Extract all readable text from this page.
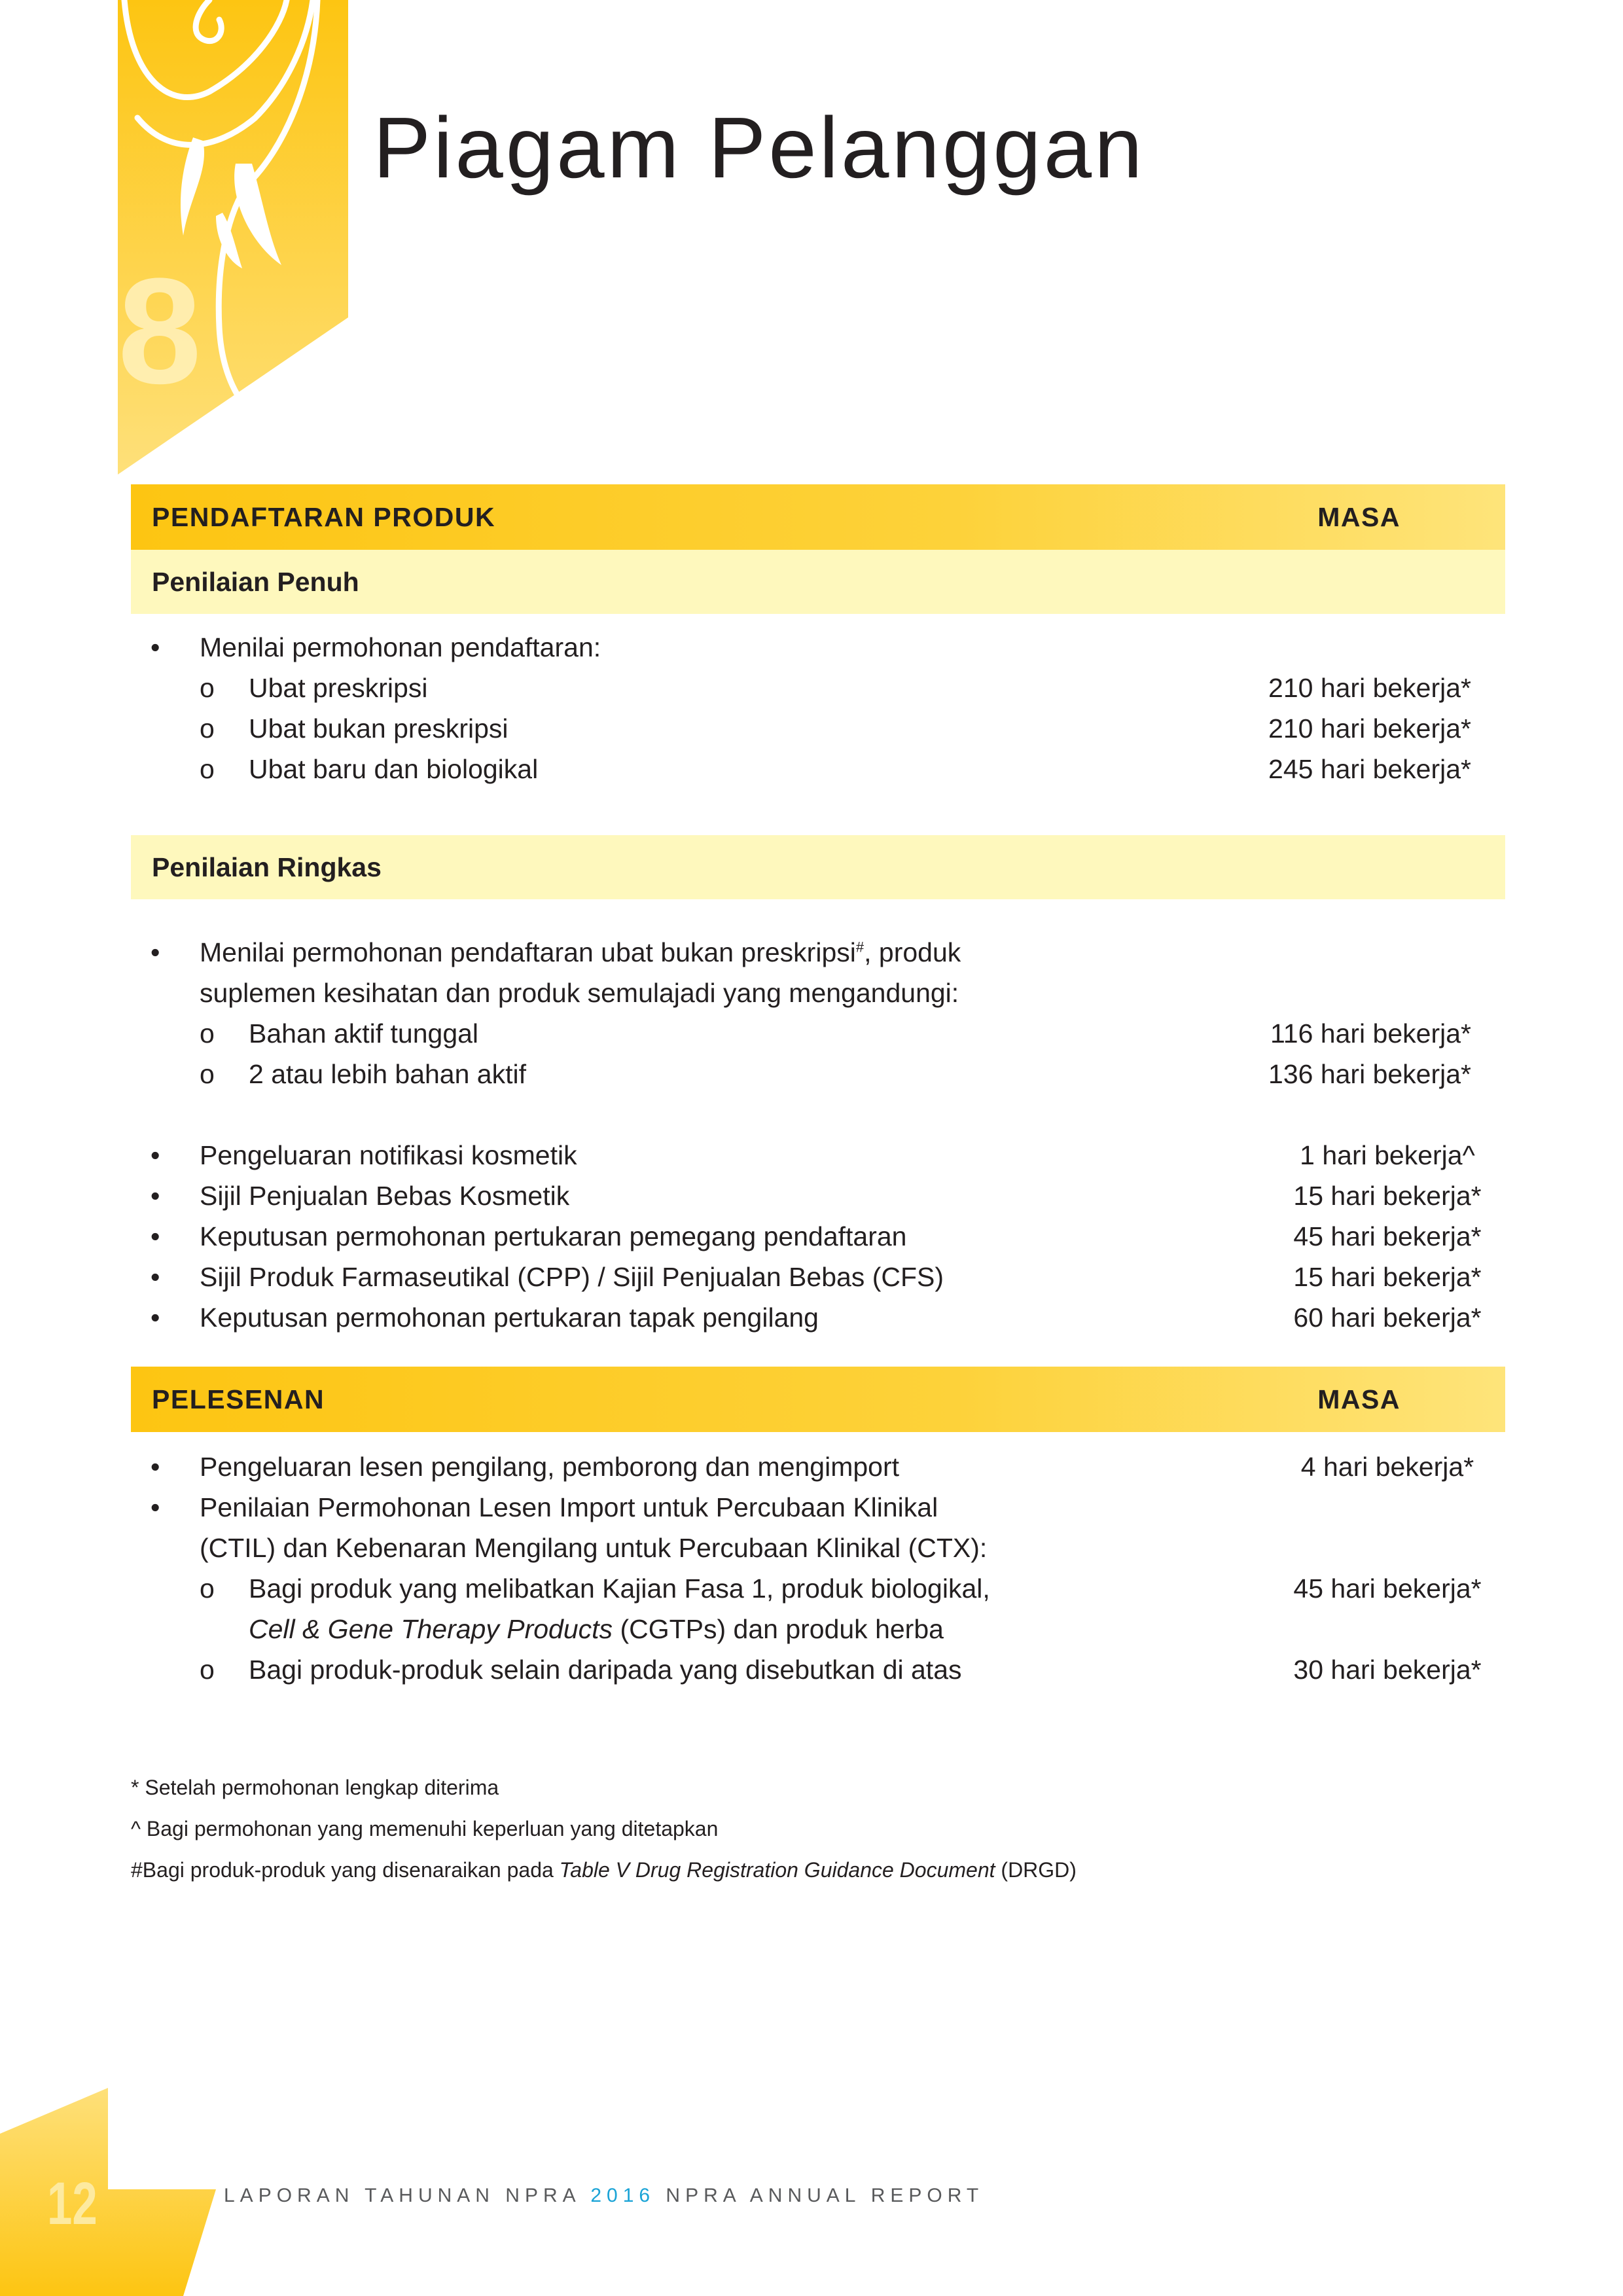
8
Piagam Pelanggan
PENDAFTARAN PRODUK	MASA
Penilaian Penuh
•	Menilai permohonan pendaftaran:
o	Ubat preskripsi	210 hari bekerja*
o	Ubat bukan preskripsi	210 hari bekerja*
o	Ubat baru dan biologikal	245 hari bekerja*
Penilaian Ringkas
•	Menilai permohonan pendaftaran ubat bukan preskripsi#, produk
suplemen kesihatan dan produk semulajadi yang mengandungi:
o	Bahan aktif tunggal	116 hari bekerja*
o	2 atau lebih bahan aktif	136 hari bekerja*
•	Pengeluaran notifikasi kosmetik	1 hari bekerja^
•	Sijil Penjualan Bebas Kosmetik	15 hari bekerja*
•	Keputusan permohonan pertukaran pemegang pendaftaran	45 hari bekerja*
•	Sijil Produk Farmaseutikal (CPP) / Sijil Penjualan Bebas (CFS)	15 hari bekerja*
•	Keputusan permohonan pertukaran tapak pengilang	60 hari bekerja*
PELESENAN	MASA
•	Pengeluaran lesen pengilang, pemborong dan mengimport	4 hari bekerja*
•	Penilaian Permohonan Lesen Import untuk Percubaan Klinikal
(CTIL) dan Kebenaran Mengilang untuk Percubaan Klinikal (CTX):
o	Bagi produk yang melibatkan Kajian Fasa 1, produk biologikal,	45 hari bekerja*
Cell & Gene Therapy Products (CGTPs) dan produk herba
o	Bagi produk-produk selain daripada yang disebutkan di atas	30 hari bekerja*
* Setelah permohonan lengkap diterima
^ Bagi permohonan yang memenuhi keperluan yang ditetapkan
#Bagi produk-produk yang disenaraikan pada Table V Drug Registration Guidance Document (DRGD)
12	LAPORAN TAHUNAN NPRA 2016 NPRA ANNUAL REPORT
